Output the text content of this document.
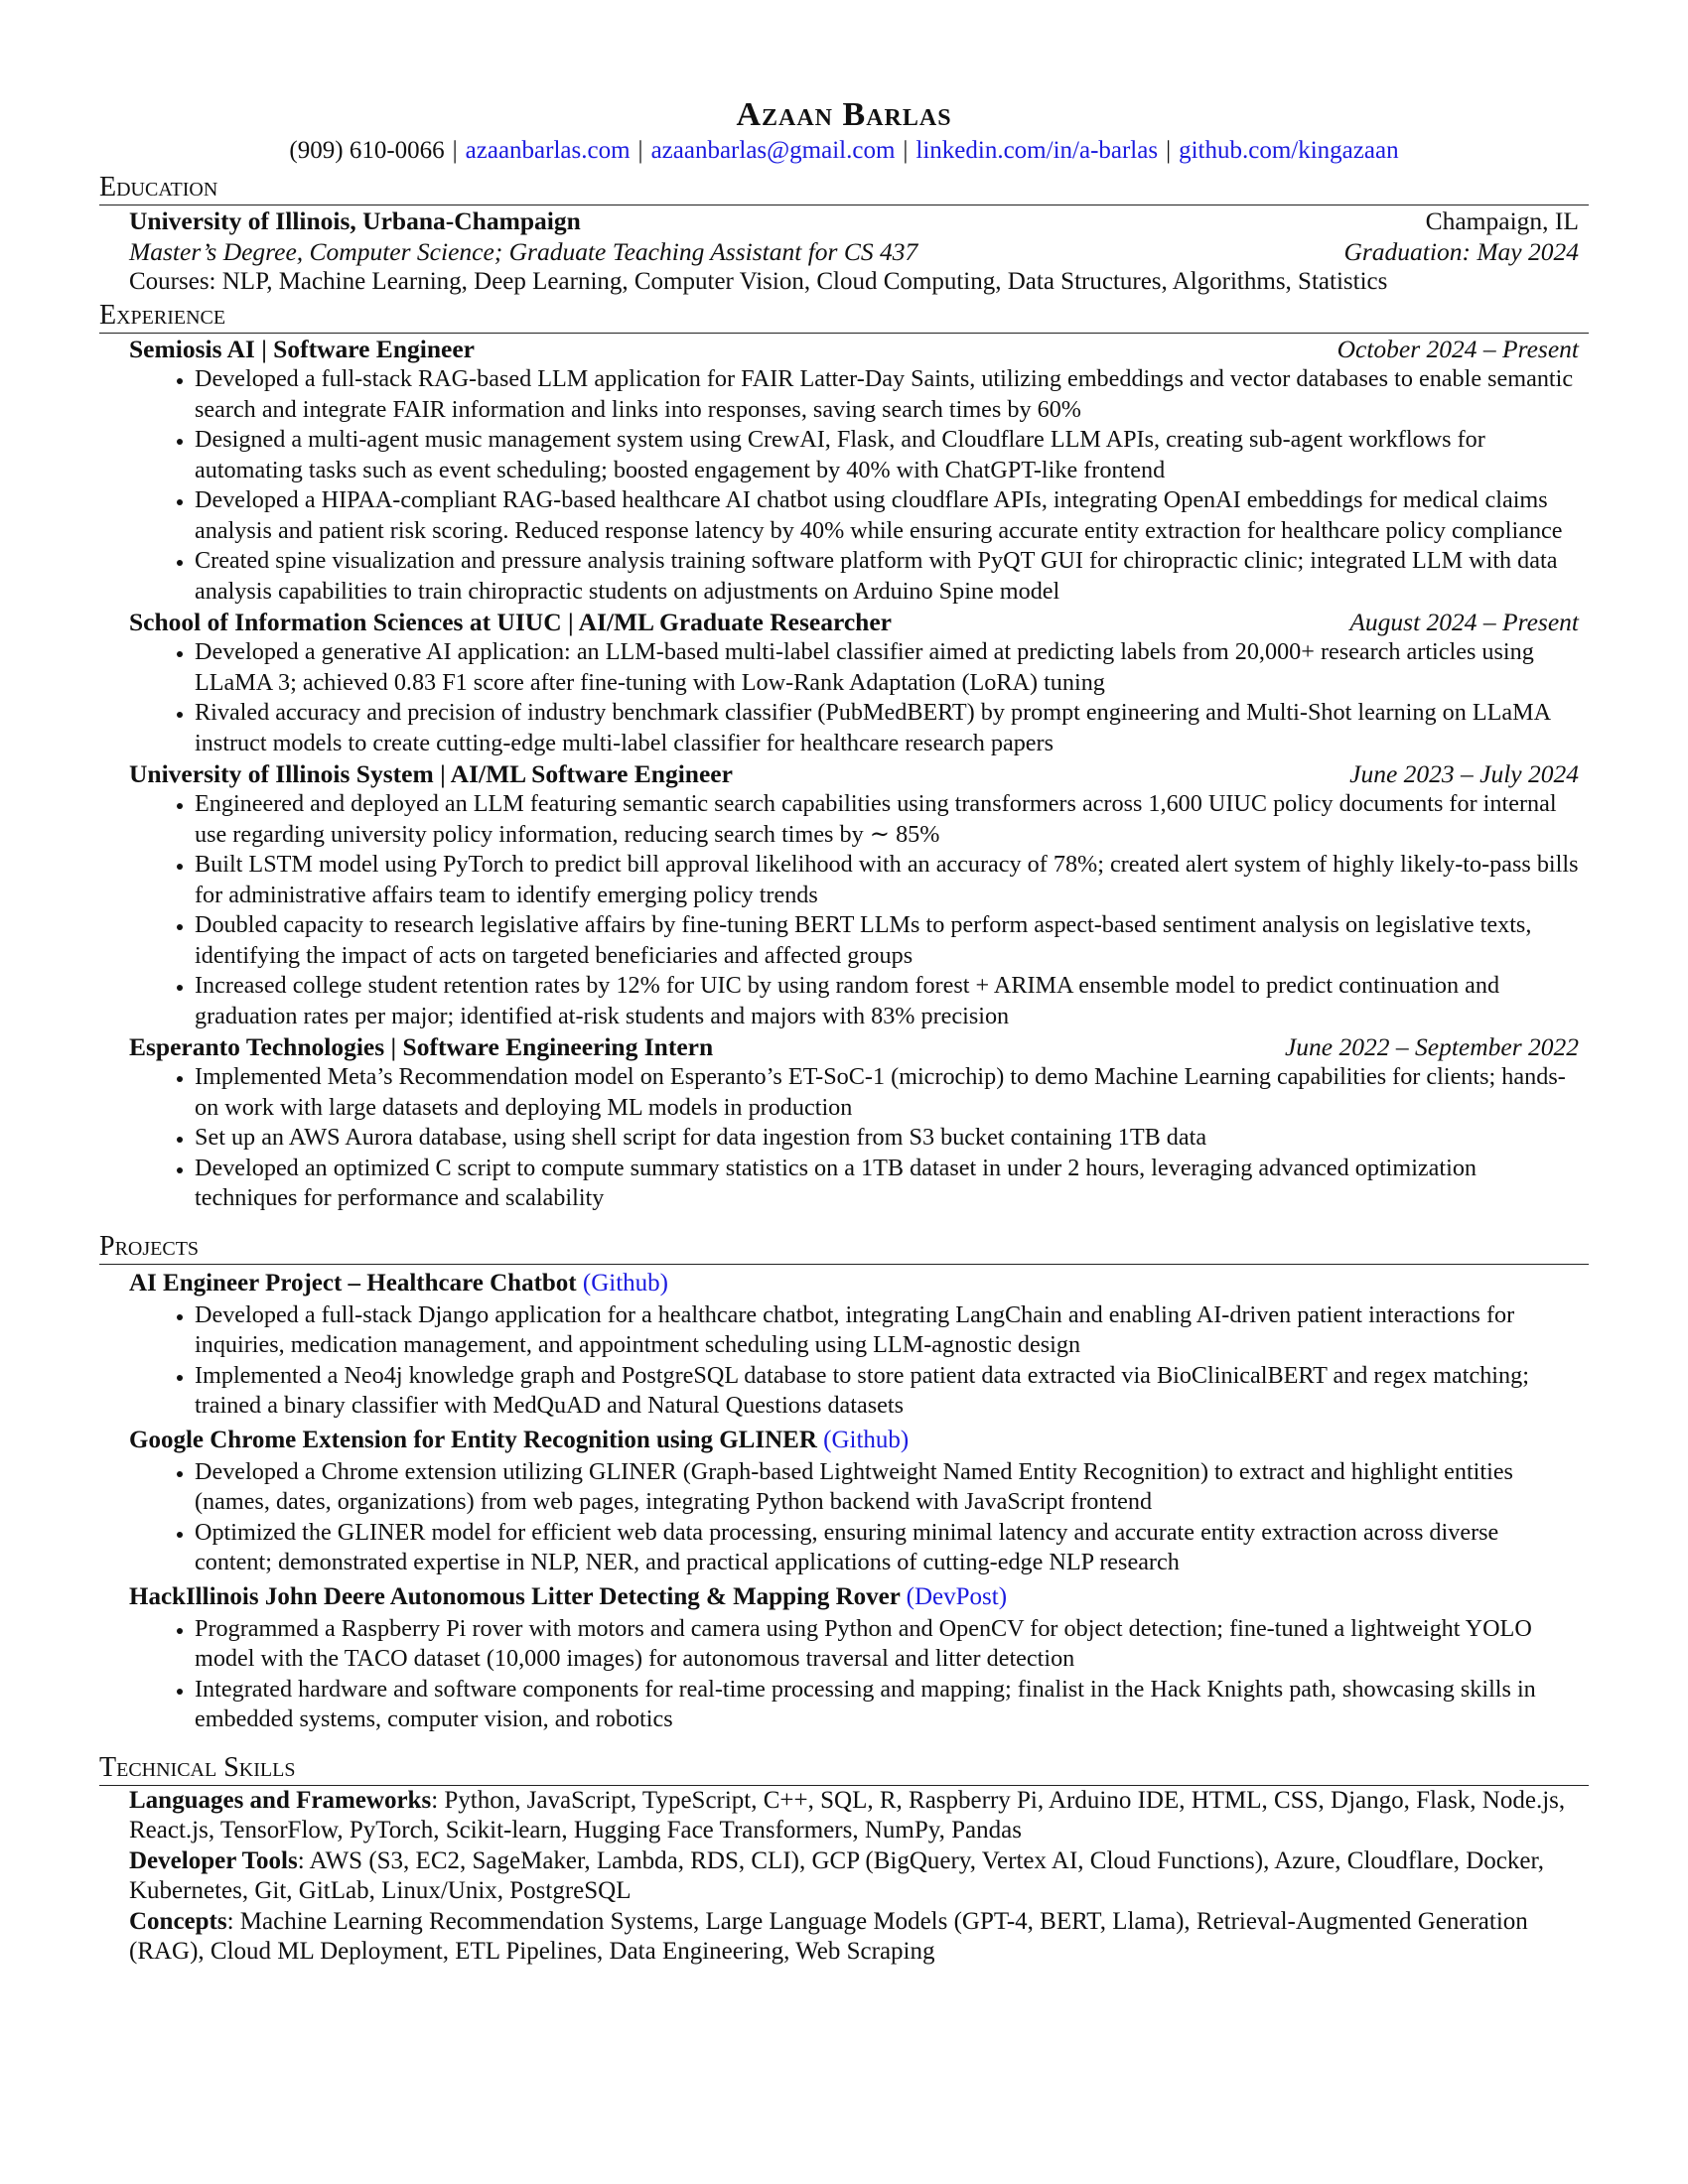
Azaan Barlas
(909) 610-0066 | azaanbarlas.com | azaanbarlas@gmail.com | linkedin.com/in/a-barlas | github.com/kingazaan
Education
University of Illinois, Urbana-Champaign	Champaign, IL
Master’s Degree, Computer Science; Graduate Teaching Assistant for CS 437	Graduation: May 2024
Courses: NLP, Machine Learning, Deep Learning, Computer Vision, Cloud Computing, Data Structures, Algorithms, Statistics
Experience
Semiosis AI | Software Engineer	October 2024 – Present
• Developed a full-stack RAG-based LLM application for FAIR Latter-Day Saints, utilizing embeddings and vector databases to enable semantic search and integrate FAIR information and links into responses, saving search times by 60%
• Designed a multi-agent music management system using CrewAI, Flask, and Cloudflare LLM APIs, creating sub-agent workflows for automating tasks such as event scheduling; boosted engagement by 40% with ChatGPT-like frontend
• Developed a HIPAA-compliant RAG-based healthcare AI chatbot using cloudflare APIs, integrating OpenAI embeddings for medical claims analysis and patient risk scoring. Reduced response latency by 40% while ensuring accurate entity extraction for healthcare policy compliance
• Created spine visualization and pressure analysis training software platform with PyQT GUI for chiropractic clinic; integrated LLM with data analysis capabilities to train chiropractic students on adjustments on Arduino Spine model
School of Information Sciences at UIUC | AI/ML Graduate Researcher	August 2024 – Present
• Developed a generative AI application: an LLM-based multi-label classifier aimed at predicting labels from 20,000+ research articles using LLaMA 3; achieved 0.83 F1 score after fine-tuning with Low-Rank Adaptation (LoRA) tuning
• Rivaled accuracy and precision of industry benchmark classifier (PubMedBERT) by prompt engineering and Multi-Shot learning on LLaMA instruct models to create cutting-edge multi-label classifier for healthcare research papers
University of Illinois System | AI/ML Software Engineer	June 2023 – July 2024
• Engineered and deployed an LLM featuring semantic search capabilities using transformers across 1,600 UIUC policy documents for internal use regarding university policy information, reducing search times by ∼ 85%
• Built LSTM model using PyTorch to predict bill approval likelihood with an accuracy of 78%; created alert system of highly likely-to-pass bills for administrative affairs team to identify emerging policy trends
• Doubled capacity to research legislative affairs by fine-tuning BERT LLMs to perform aspect-based sentiment analysis on legislative texts, identifying the impact of acts on targeted beneficiaries and affected groups
• Increased college student retention rates by 12% for UIC by using random forest + ARIMA ensemble model to predict continuation and graduation rates per major; identified at-risk students and majors with 83% precision
Esperanto Technologies | Software Engineering Intern	June 2022 – September 2022
• Implemented Meta’s Recommendation model on Esperanto’s ET-SoC-1 (microchip) to demo Machine Learning capabilities for clients; hands-on work with large datasets and deploying ML models in production
• Set up an AWS Aurora database, using shell script for data ingestion from S3 bucket containing 1TB data
• Developed an optimized C script to compute summary statistics on a 1TB dataset in under 2 hours, leveraging advanced optimization techniques for performance and scalability
Projects
AI Engineer Project – Healthcare Chatbot (Github)
• Developed a full-stack Django application for a healthcare chatbot, integrating LangChain and enabling AI-driven patient interactions for inquiries, medication management, and appointment scheduling using LLM-agnostic design
• Implemented a Neo4j knowledge graph and PostgreSQL database to store patient data extracted via BioClinicalBERT and regex matching; trained a binary classifier with MedQuAD and Natural Questions datasets
Google Chrome Extension for Entity Recognition using GLINER (Github)
• Developed a Chrome extension utilizing GLINER (Graph-based Lightweight Named Entity Recognition) to extract and highlight entities (names, dates, organizations) from web pages, integrating Python backend with JavaScript frontend
• Optimized the GLINER model for efficient web data processing, ensuring minimal latency and accurate entity extraction across diverse content; demonstrated expertise in NLP, NER, and practical applications of cutting-edge NLP research
HackIllinois John Deere Autonomous Litter Detecting & Mapping Rover (DevPost)
• Programmed a Raspberry Pi rover with motors and camera using Python and OpenCV for object detection; fine-tuned a lightweight YOLO model with the TACO dataset (10,000 images) for autonomous traversal and litter detection
• Integrated hardware and software components for real-time processing and mapping; finalist in the Hack Knights path, showcasing skills in embedded systems, computer vision, and robotics
Technical Skills
Languages and Frameworks: Python, JavaScript, TypeScript, C++, SQL, R, Raspberry Pi, Arduino IDE, HTML, CSS, Django, Flask, Node.js, React.js, TensorFlow, PyTorch, Scikit-learn, Hugging Face Transformers, NumPy, Pandas
Developer Tools: AWS (S3, EC2, SageMaker, Lambda, RDS, CLI), GCP (BigQuery, Vertex AI, Cloud Functions), Azure, Cloudflare, Docker, Kubernetes, Git, GitLab, Linux/Unix, PostgreSQL
Concepts: Machine Learning Recommendation Systems, Large Language Models (GPT-4, BERT, Llama), Retrieval-Augmented Generation (RAG), Cloud ML Deployment, ETL Pipelines, Data Engineering, Web Scraping
